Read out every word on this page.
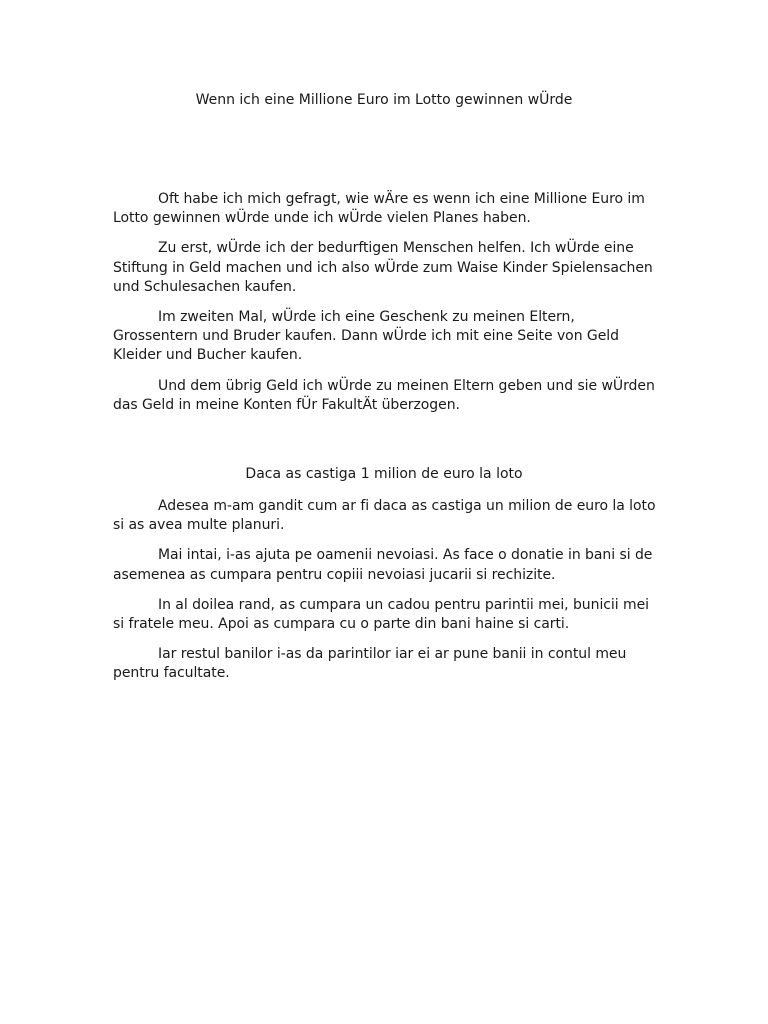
Wenn ich eine Millione Euro im Lotto gewinnen wÜrde

Oft habe ich mich gefragt, wie wÄre es wenn ich eine Millione Euro im Lotto gewinnen wÜrde unde ich wÜrde vielen Planes haben.

Zu erst, wÜrde ich der bedurftigen Menschen helfen. Ich wÜrde eine Stiftung in Geld machen und ich also wÜrde zum Waise Kinder Spielensachen und Schulesachen kaufen.

Im zweiten Mal, wÜrde ich eine Geschenk zu meinen Eltern, Grossentern und Bruder kaufen. Dann wÜrde ich mit eine Seite von Geld Kleider und Bucher kaufen.

Und dem übrig Geld ich wÜrde zu meinen Eltern geben und sie wÜrden das Geld in meine Konten fÜr FakultÄt überzogen.

Daca as castiga 1 milion de euro la loto

Adesea m-am gandit cum ar fi daca as castiga un milion de euro la loto si as avea multe planuri.

Mai intai, i-as ajuta pe oamenii nevoiasi. As face o donatie in bani si de asemenea as cumpara pentru copiii nevoiasi jucarii si rechizite.

In al doilea rand, as cumpara un cadou pentru parintii mei, bunicii mei si fratele meu. Apoi as cumpara cu o parte din bani haine si carti.

Iar restul banilor i-as da parintilor iar ei ar pune banii in contul meu pentru facultate.
